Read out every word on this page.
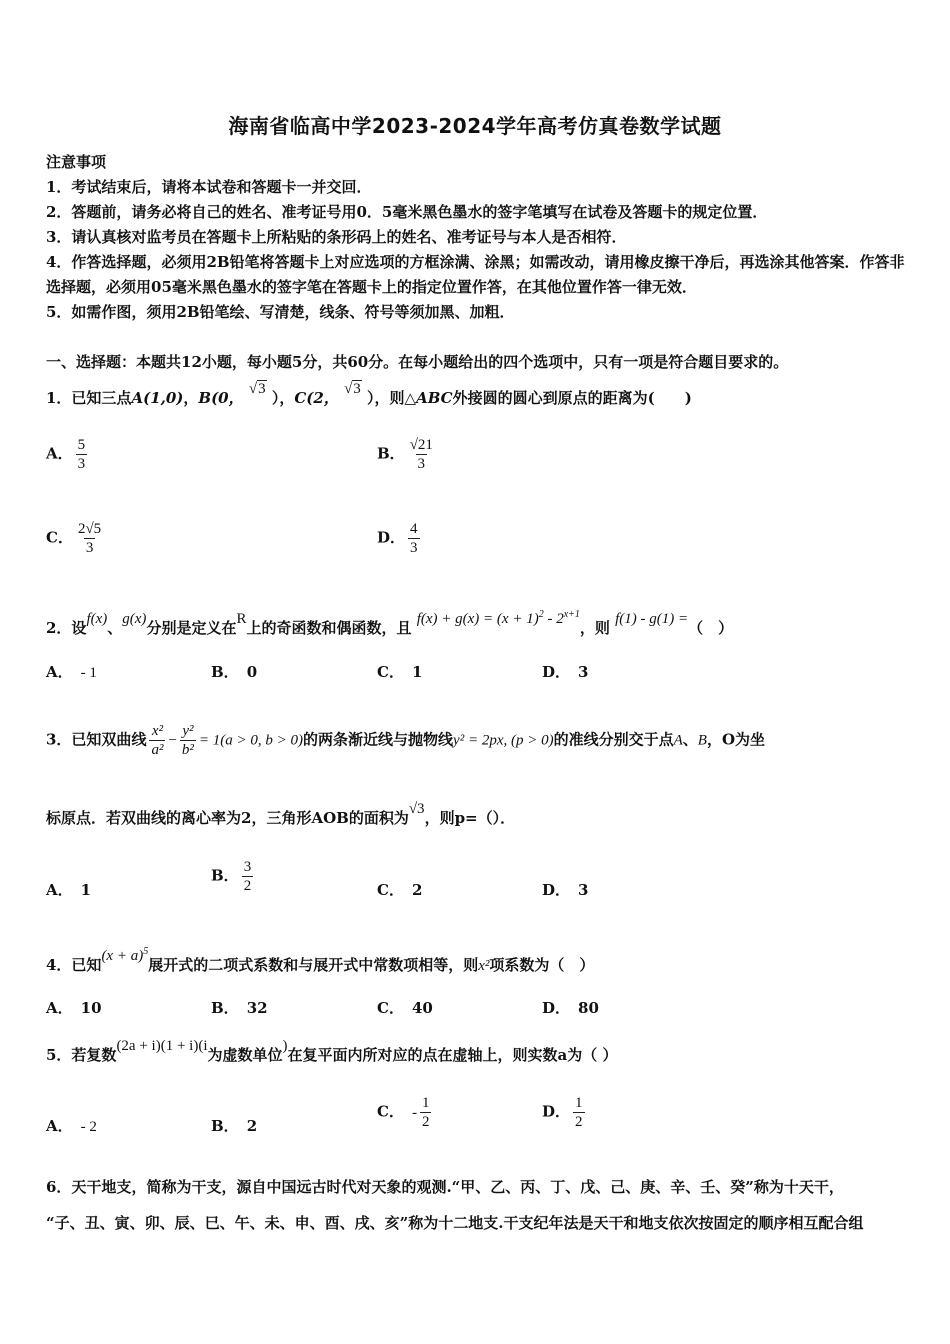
海南省临高中学2023-2024学年高考仿真卷数学试题
注意事项
1．考试结束后，请将本试卷和答题卡一并交回．
2．答题前，请务必将自己的姓名、准考证号用0．5毫米黑色墨水的签字笔填写在试卷及答题卡的规定位置．
3．请认真核对监考员在答题卡上所粘贴的条形码上的姓名、准考证号与本人是否相符．
4．作答选择题，必须用2B铅笔将答题卡上对应选项的方框涂满、涂黑；如需改动，请用橡皮擦干净后，再选涂其他答案．作答非选择题，必须用05毫米黑色墨水的签字笔在答题卡上的指定位置作答，在其他位置作答一律无效．
5．如需作图，须用2B铅笔绘、写清楚，线条、符号等须加黑、加粗．
一、选择题：本题共12小题，每小题5分，共60分。在每小题给出的四个选项中，只有一项是符合题目要求的。
1．已知三点A(1,0)，B(0， √3 ），C(2， √3 ），则△ABC外接圆的圆心到原点的距离为(　　)
A． $\frac{5}{3}$	B． $\frac{√21}{3}$
C． $\frac{2√5}{3}$	D． $\frac{4}{3}$
2．设f(x)、g(x)分别是定义在R上的奇函数和偶函数，且 $f(x) + g(x) = (x + 1)^2 - 2^{x+1}$，则 f(1) - g(1) =（　）
A． - 1	B． 0	C． 1	D． 3
3．已知双曲线 $\frac{\text{x²}}{\text{a²}} - \frac{\text{y²}}{\text{b²}} = 1(a > 0$, b > 0)的两条渐近线与抛物线y² = 2px, (p > 0)的准线分别交于点A、B，O为坐
标原点．若双曲线的离心率为2，三角形AOB的面积为√3，则p=（）．
A． 1
B． $\frac{3}{2}$	C． 2	D． 3
4．已知$(x + a)^5$展开式的二项式系数和与展开式中常数项相等，则x²项系数为（　）
A． 10	B． 32	C． 40	D． 80
5．若复数(2a + i)(1 + i)(i为虚数单位)在复平面内所对应的点在虚轴上，则实数a为（ ）
A． - 2	B． 2
C． - $\frac{1}{2}$	D． $\frac{1}{2}$
6．天干地支，简称为干支，源自中国远古时代对天象的观测.“甲、乙、丙、丁、戊、己、庚、辛、壬、癸”称为十天干，
“子、丑、寅、卯、辰、巳、午、未、申、酉、戌、亥”称为十二地支.干支纪年法是天干和地支依次按固定的顺序相互配合组
